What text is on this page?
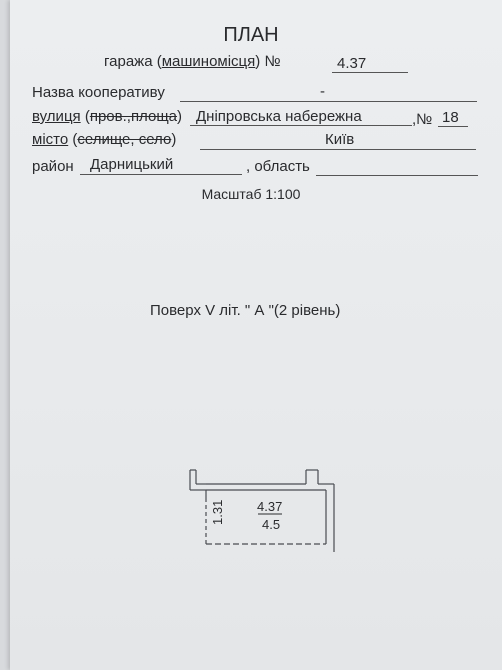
ПЛАН
гаража (машиномісця) №	4.37
Назва кооперативу	-
вулиця (пров.,площа) Дніпровська набережна	,№ 18
місто (селище, село)	Київ
район Дарницький	, область
Масштаб 1:100
Поверх V літ. " А "(2 рівень)
1.31 4.37
4.5
